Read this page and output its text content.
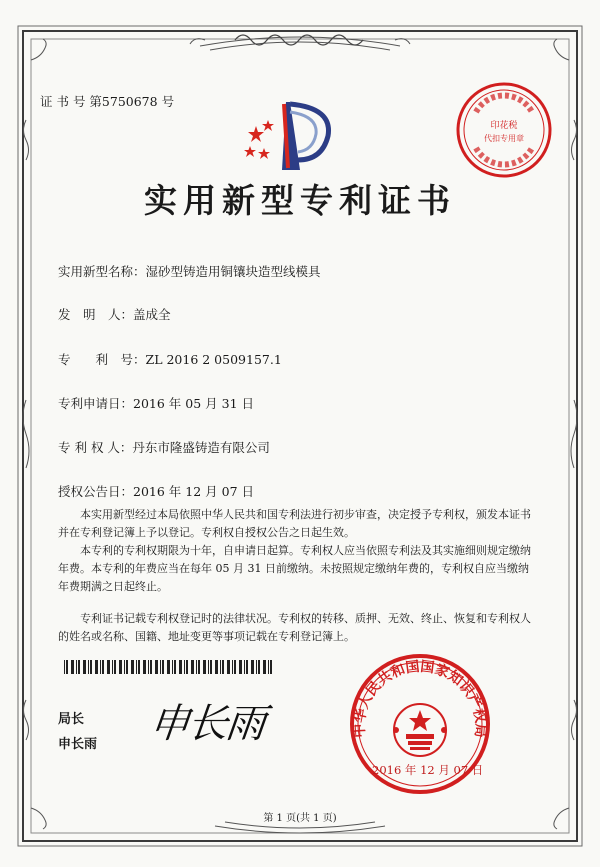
证 书 号 第5750678 号
印花税
代扣专用章
实用新型专利证书
实用新型名称：湿砂型铸造用铜镶块造型线模具
发　明　人：盖成全
专　　利　号：ZL 2016 2 0509157.1
专利申请日：2016 年 05 月 31 日
专 利 权 人：丹东市隆盛铸造有限公司
授权公告日：2016 年 12 月 07 日

本实用新型经过本局依照中华人民共和国专利法进行初步审查，决定授予专利权，颁发本证书并在专利登记簿上予以登记。专利权自授权公告之日起生效。

本专利的专利权期限为十年，自申请日起算。专利权人应当依照专利法及其实施细则规定缴纳年费。本专利的年费应当在每年 05 月 31 日前缴纳。未按照规定缴纳年费的，专利权自应当缴纳年费期满之日起终止。

专利证书记载专利权登记时的法律状况。专利权的转移、质押、无效、终止、恢复和专利权人的姓名或名称、国籍、地址变更等事项记载在专利登记簿上。

局长
申长雨 申长雨	中华人民共和国国家知识产权局
2016 年 12 月 07 日
第 1 页(共 1 页)
